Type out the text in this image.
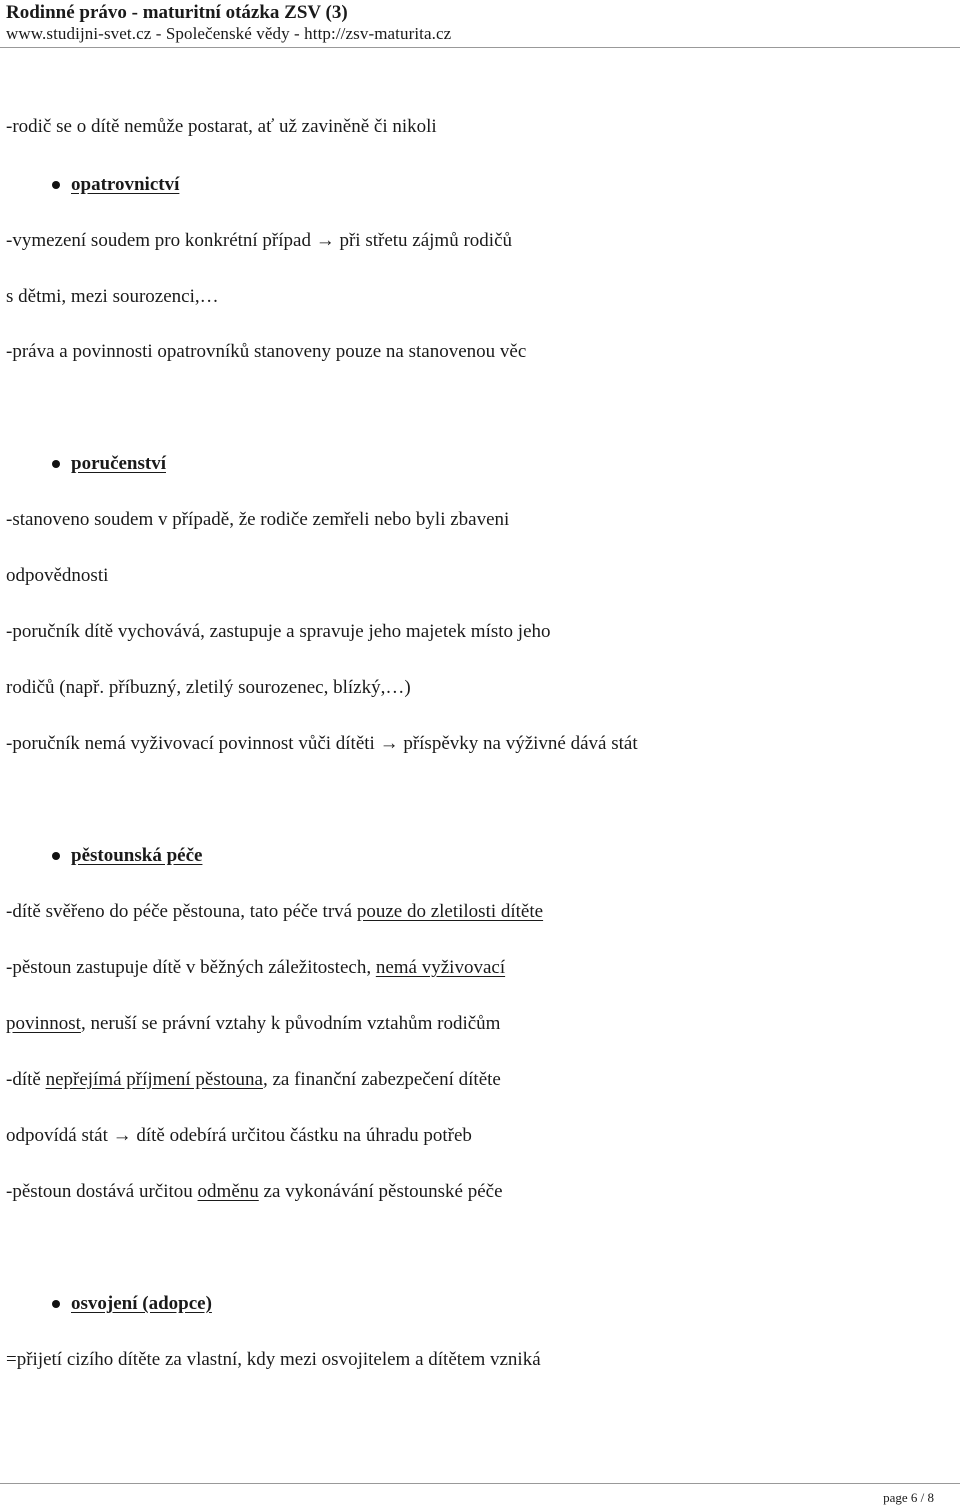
Rodinné právo - maturitní otázka ZSV (3)
www.studijni-svet.cz - Společenské vědy - http://zsv-maturita.cz
-rodič se o dítě nemůže postarat, ať už zaviněně či nikoli
opatrovnictví
-vymezení soudem pro konkrétní případ → při střetu zájmů rodičů
s dětmi, mezi sourozenci,…
-práva a povinnosti opatrovníků stanoveny pouze na stanovenou věc
poručenství
-stanoveno soudem v případě, že rodiče zemřeli nebo byli zbaveni
odpovědnosti
-poručník dítě vychovává, zastupuje a spravuje jeho majetek místo jeho
rodičů (např. příbuzný, zletilý sourozenec, blízký,…)
-poručník nemá vyživovací povinnost vůči dítěti → příspěvky na výživné dává stát
pěstounská péče
-dítě svěřeno do péče pěstouna, tato péče trvá pouze do zletilosti dítěte
-pěstoun zastupuje dítě v běžných záležitostech, nemá vyživovací
povinnost, neruší se právní vztahy k původním vztahům rodičům
-dítě nepřejímá příjmení pěstouna, za finanční zabezpečení dítěte
odpovídá stát → dítě odebírá určitou částku na úhradu potřeb
-pěstoun dostává určitou odměnu za vykonávání pěstounské péče
osvojení (adopce)
=přijetí cizího dítěte za vlastní, kdy mezi osvojitelem a dítětem vzniká
page 6 / 8
